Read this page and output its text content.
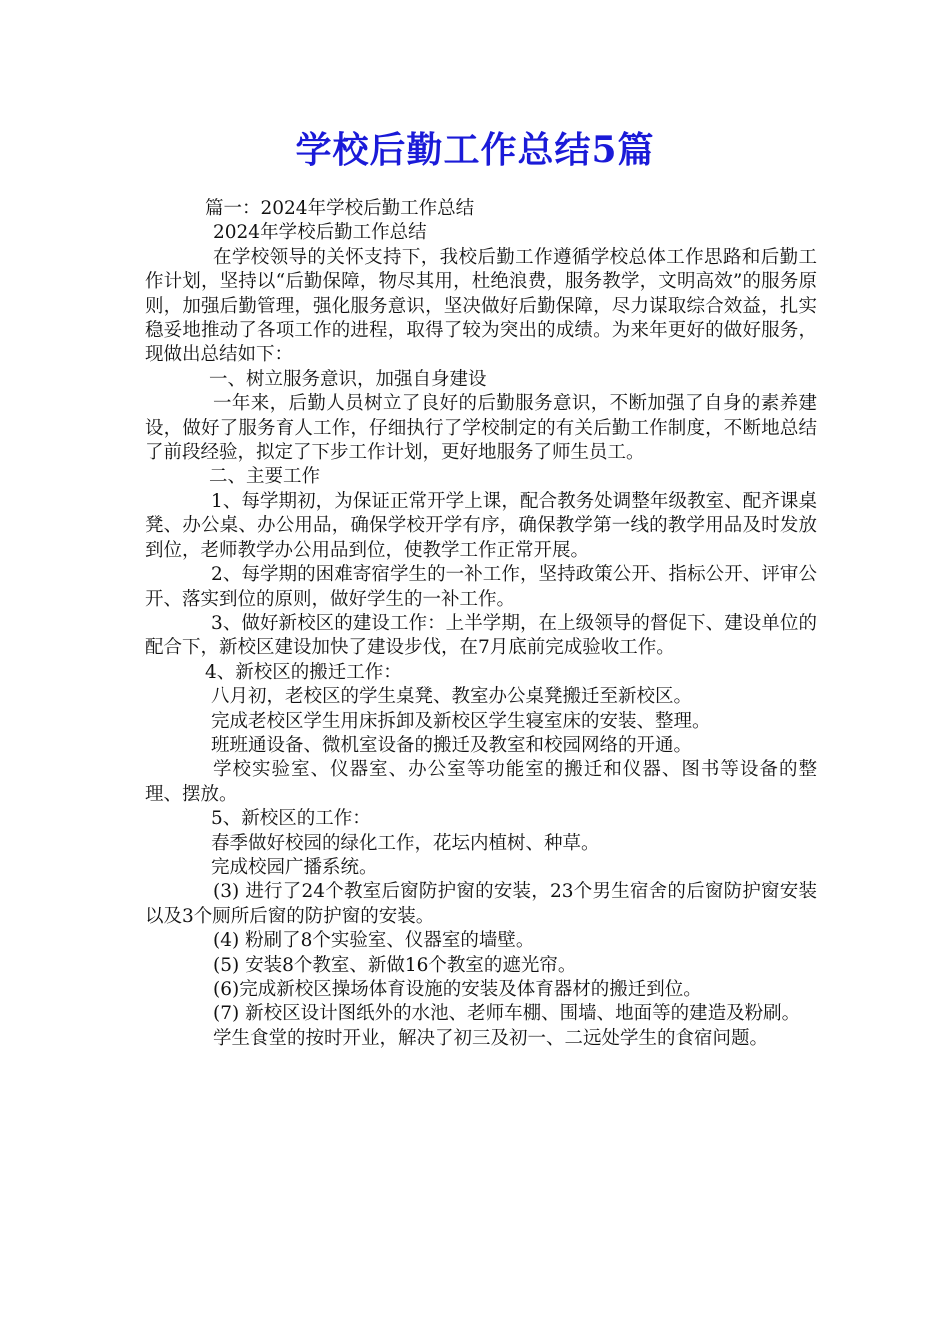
学校后勤工作总结5篇

篇一：2024年学校后勤工作总结

2024年学校后勤工作总结

在学校领导的关怀支持下，我校后勤工作遵循学校总体工作思路和后勤工作计划，坚持以“后勤保障，物尽其用，杜绝浪费，服务教学，文明高效”的服务原则，加强后勤管理，强化服务意识，坚决做好后勤保障，尽力谋取综合效益，扎实稳妥地推动了各项工作的进程，取得了较为突出的成绩。为来年更好的做好服务，现做出总结如下：

一、树立服务意识，加强自身建设

一年来，后勤人员树立了良好的后勤服务意识，不断加强了自身的素养建设，做好了服务育人工作，仔细执行了学校制定的有关后勤工作制度，不断地总结了前段经验，拟定了下步工作计划，更好地服务了师生员工。

二、主要工作

1、每学期初，为保证正常开学上课，配合教务处调整年级教室、配齐课桌凳、办公桌、办公用品，确保学校开学有序，确保教学第一线的教学用品及时发放到位，老师教学办公用品到位，使教学工作正常开展。

2、每学期的困难寄宿学生的一补工作，坚持政策公开、指标公开、评审公开、落实到位的原则，做好学生的一补工作。

3、做好新校区的建设工作：上半学期，在上级领导的督促下、建设单位的配合下，新校区建设加快了建设步伐，在7月底前完成验收工作。

4、新校区的搬迁工作：

八月初，老校区的学生桌凳、教室办公桌凳搬迁至新校区。

完成老校区学生用床拆卸及新校区学生寝室床的安装、整理。

班班通设备、微机室设备的搬迁及教室和校园网络的开通。

学校实验室、仪器室、办公室等功能室的搬迁和仪器、图书等设备的整理、摆放。

5、新校区的工作：

春季做好校园的绿化工作，花坛内植树、种草。

完成校园广播系统。

(3) 进行了24个教室后窗防护窗的安装，23个男生宿舍的后窗防护窗安装以及3个厕所后窗的防护窗的安装。

(4) 粉刷了8个实验室、仪器室的墙壁。

(5) 安装8个教室、新做16个教室的遮光帘。

(6)完成新校区操场体育设施的安装及体育器材的搬迁到位。

(7) 新校区设计图纸外的水池、老师车棚、围墙、地面等的建造及粉刷。

学生食堂的按时开业，解决了初三及初一、二远处学生的食宿问题。
